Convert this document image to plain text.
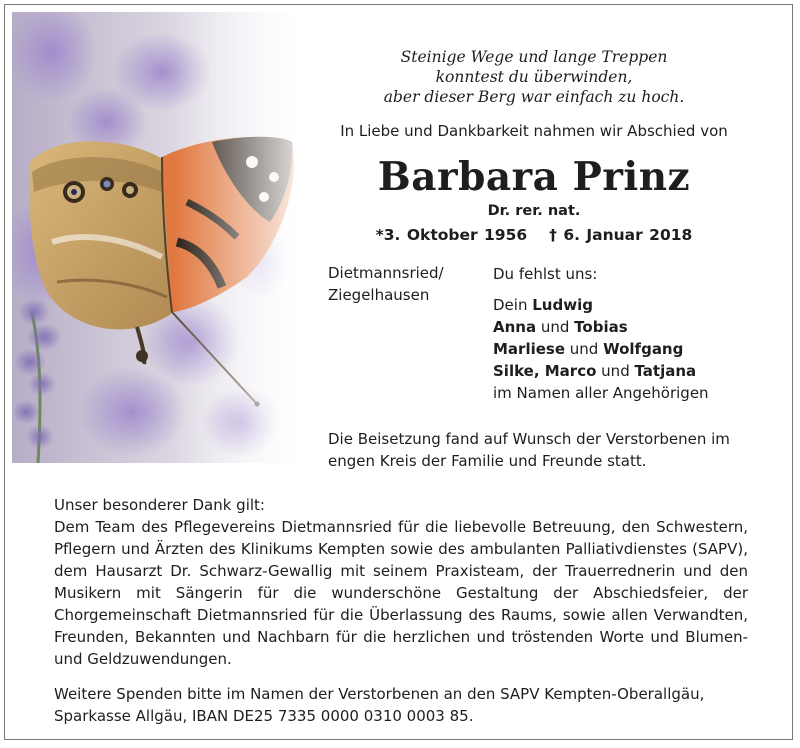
Steinige Wege und lange Treppen
konntest du überwinden,
aber dieser Berg war einfach zu hoch.
In Liebe und Dankbarkeit nahmen wir Abschied von
Barbara Prinz
Dr. rer. nat.
*3. Oktober 1956 † 6. Januar 2018
Dietmannsried/
Ziegelhausen
Du fehlst uns:
Dein Ludwig
Anna und Tobias
Marliese und Wolfgang
Silke, Marco und Tatjana
im Namen aller Angehörigen
Die Beisetzung fand auf Wunsch der Verstorbenen im engen Kreis der Familie und Freunde statt.
Unser besonderer Dank gilt:
Dem Team des Pflegevereins Dietmannsried für die liebevolle Betreuung, den Schwestern, Pflegern und Ärzten des Klinikums Kempten sowie des ambulanten Palliativdienstes (SAPV), dem Hausarzt Dr. Schwarz-Gewallig mit seinem Praxisteam, der Trauerrednerin und den Musikern mit Sängerin für die wunderschöne Gestaltung der Abschiedsfeier, der Chorgemeinschaft Dietmannsried für die Überlassung des Raums, sowie allen Verwandten, Freunden, Bekannten und Nachbarn für die herzlichen und tröstenden Worte und Blumen- und Geldzuwendungen.
Weitere Spenden bitte im Namen der Verstorbenen an den SAPV Kempten-Oberallgäu, Sparkasse Allgäu, IBAN DE25 7335 0000 0310 0003 85.
